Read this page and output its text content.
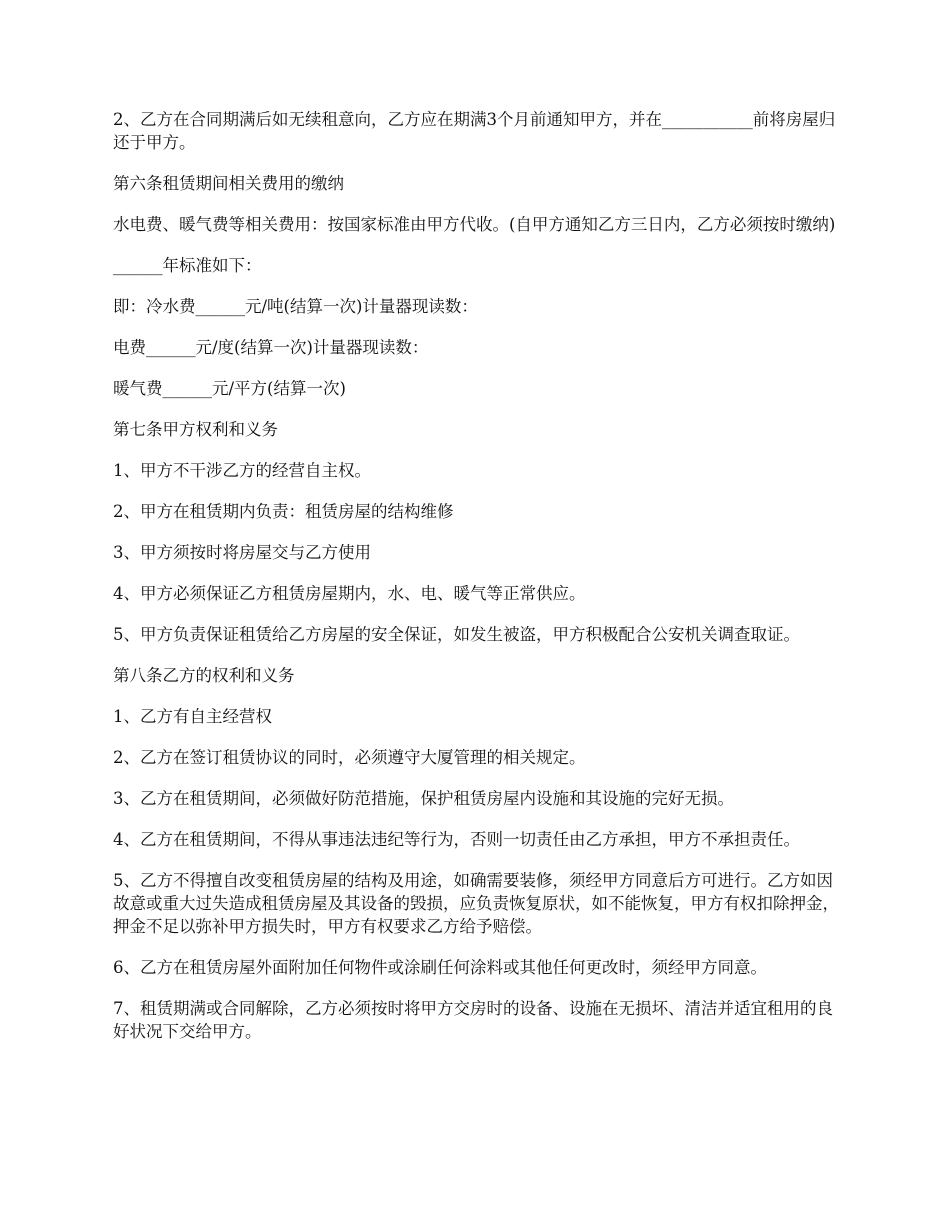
2、乙方在合同期满后如无续租意向，乙方应在期满3个月前通知甲方，并在___________前将房屋归还于甲方。

第六条租赁期间相关费用的缴纳

水电费、暖气费等相关费用：按国家标准由甲方代收。(自甲方通知乙方三日内，乙方必须按时缴纳)

______年标准如下：

即：冷水费______元/吨(结算一次)计量器现读数：

电费______元/度(结算一次)计量器现读数：

暖气费______元/平方(结算一次)

第七条甲方权利和义务

1、甲方不干涉乙方的经营自主权。

2、甲方在租赁期内负责：租赁房屋的结构维修

3、甲方须按时将房屋交与乙方使用

4、甲方必须保证乙方租赁房屋期内，水、电、暖气等正常供应。

5、甲方负责保证租赁给乙方房屋的安全保证，如发生被盗，甲方积极配合公安机关调查取证。

第八条乙方的权利和义务

1、乙方有自主经营权

2、乙方在签订租赁协议的同时，必须遵守大厦管理的相关规定。

3、乙方在租赁期间，必须做好防范措施，保护租赁房屋内设施和其设施的完好无损。

4、乙方在租赁期间，不得从事违法违纪等行为，否则一切责任由乙方承担，甲方不承担责任。

5、乙方不得擅自改变租赁房屋的结构及用途，如确需要装修，须经甲方同意后方可进行。乙方如因故意或重大过失造成租赁房屋及其设备的毁损，应负责恢复原状，如不能恢复，甲方有权扣除押金，押金不足以弥补甲方损失时，甲方有权要求乙方给予赔偿。

6、乙方在租赁房屋外面附加任何物件或涂刷任何涂料或其他任何更改时，须经甲方同意。

7、租赁期满或合同解除，乙方必须按时将甲方交房时的设备、设施在无损坏、清洁并适宜租用的良好状况下交给甲方。
